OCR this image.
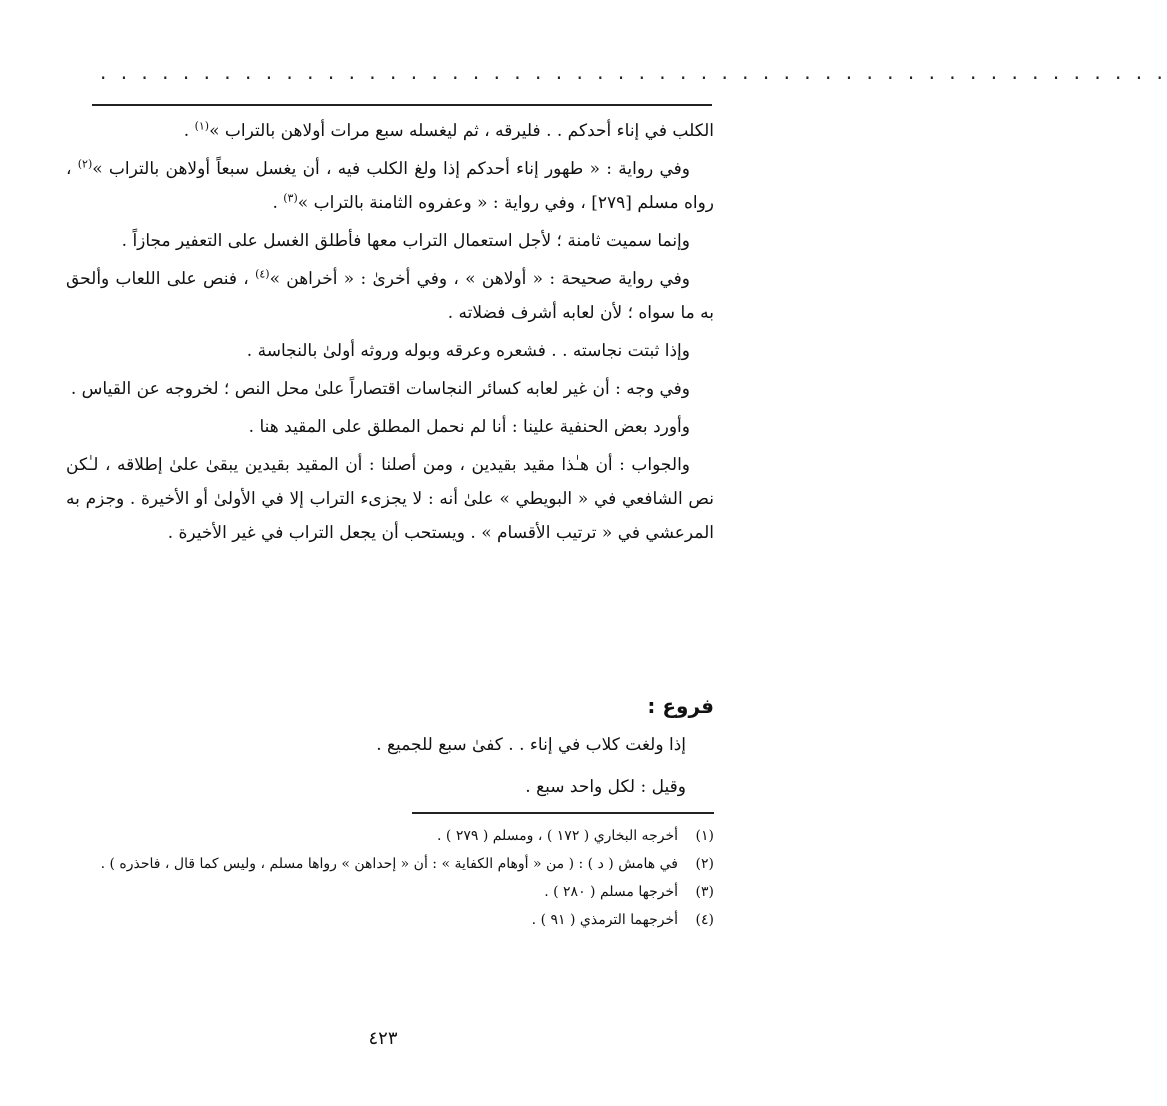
. . . . . . . . . . . . . . . . . . . . . . . . . . . . . . . . . . . . . . . . . . . . . . . . . . . .

الكلب في إناء أحدكم . . فليرقه ، ثم ليغسله سبع مرات أولاهن بالتراب »$^{(١)}$ .

وفي رواية : « طهور إناء أحدكم إذا ولغ الكلب فيه ، أن يغسل سبعاً أولاهن بالتراب »$^{(٢)}$ ، رواه مسلم [٢٧٩] ، وفي رواية : « وعفروه الثامنة بالتراب »$^{(٣)}$ .

وإنما سميت ثامنة ؛ لأجل استعمال التراب معها فأطلق الغسل على التعفير مجازاً .

وفي رواية صحيحة : « أولاهن » ، وفي أخرىٰ : « أخراهن »$^{(٤)}$ ، فنص على اللعاب وألحق به ما سواه ؛ لأن لعابه أشرف فضلاته .

وإذا ثبتت نجاسته . . فشعره وعرقه وبوله وروثه أولىٰ بالنجاسة .

وفي وجه : أن غير لعابه كسائر النجاسات اقتصاراً علىٰ محل النص ؛ لخروجه عن القياس .

وأورد بعض الحنفية علينا : أنا لم نحمل المطلق على المقيد هنا .

والجواب : أن هـٰذا مقيد بقيدين ، ومن أصلنا : أن المقيد بقيدين يبقىٰ علىٰ إطلاقه ، لـٰكن نص الشافعي في « البويطي » علىٰ أنه : لا يجزىء التراب إلا في الأولىٰ أو الأخيرة . وجزم به المرعشي في « ترتيب الأقسام » . ويستحب أن يجعل التراب في غير الأخيرة .

فروع :

إذا ولغت كلاب في إناء . . كفىٰ سبع للجميع .

وقيل : لكل واحد سبع .

(١)
أخرجه البخاري ( ١٧٢ ) ، ومسلم ( ٢٧٩ ) .
(٢)
في هامش ( د ) : ( من « أوهام الكفاية » : أن « إحداهن » رواها مسلم ، وليس كما قال ، فاحذره ) .
(٣)
أخرجها مسلم ( ٢٨٠ ) .
(٤)
أخرجهما الترمذي ( ٩١ ) .
٤٢٣
